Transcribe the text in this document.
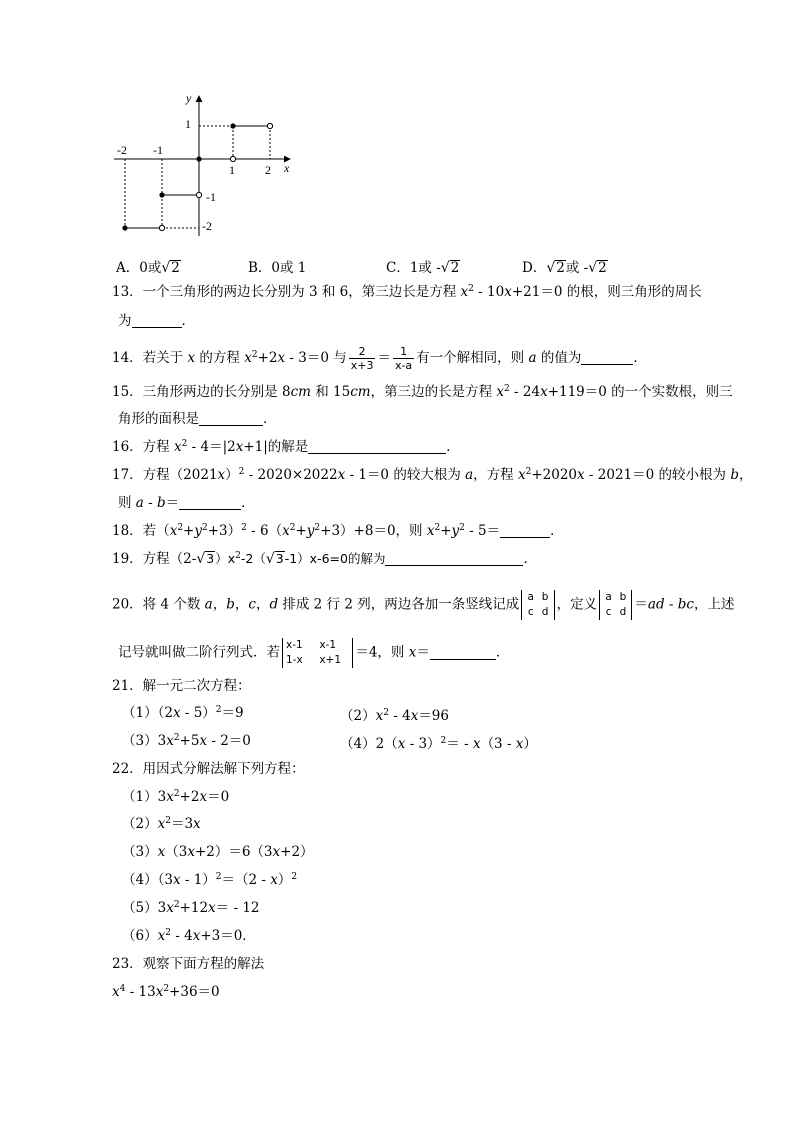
y
x
-2 -1
1	2
1
-1
-2
A．0或√2	B．0或 1	C．1或 -√2	D．√2或 -√2
13．一个三角形的两边长分别为 3 和 6，第三边长是方程 $x^2 - 10x+21=0$ 的根，则三角形的周长
为	．
14．若关于 x 的方程 $x^2+2x - 3=0$ 与 $\frac{2}{x+3} = \frac{1}{x-a}$ 有一个解相同，则 a 的值为	．
15．三角形两边的长分别是 8cm 和 15cm，第三边的长是方程 $x^2 - 24x+119=0$ 的一个实数根，则三
角形的面积是	．
16．方程 $x^2 - 4=|2x+1|$的解是	．
17．方程$(2021x)^2 - 2020\times 2022x - 1=0$ 的较大根为 a，方程 $x^2+2020x - 2021=0$ 的较小根为 b，
则 a - b＝	．
18．若$(x^2+y^2+3)^2 - 6(x^2+y^2+3)+8=0$，则 $x^2+y^2 - 5=$	．
19．方程$(2-√3)x^2-2(√3-1)x-6=0$的解为	．
20．将 4 个数 a，b，c，d 排成 2 行 2 列，两边各加一条竖线记成 a b
c d ，定义 a b
c d ＝ad - bc，上述
记号就叫做二阶行列式．若 x-1 x-1
1-x x+1 ＝4，则 x＝	．
21．解一元二次方程：
（1）（2x - 5）$^2$＝9	$(2)x^2 - 4x=96$
$(3)3x^2+5x - 2=0$	（4）2（x - 3）$^2$＝ - x（3 - x）
22．用因式分解法解下列方程：
$(1)3x^2+2x=0$
$(2)x^2=3x$
（3）x（3x+2）＝6（3x+2）
（4）（3x - 1）$^2$＝（2 - x）$^2$
$(5)3x^2+12x= - 12$
$(6)x^2 - 4x+3=0$．
23．观察下面方程的解法
$x^4 - 13x^2+36=0$
